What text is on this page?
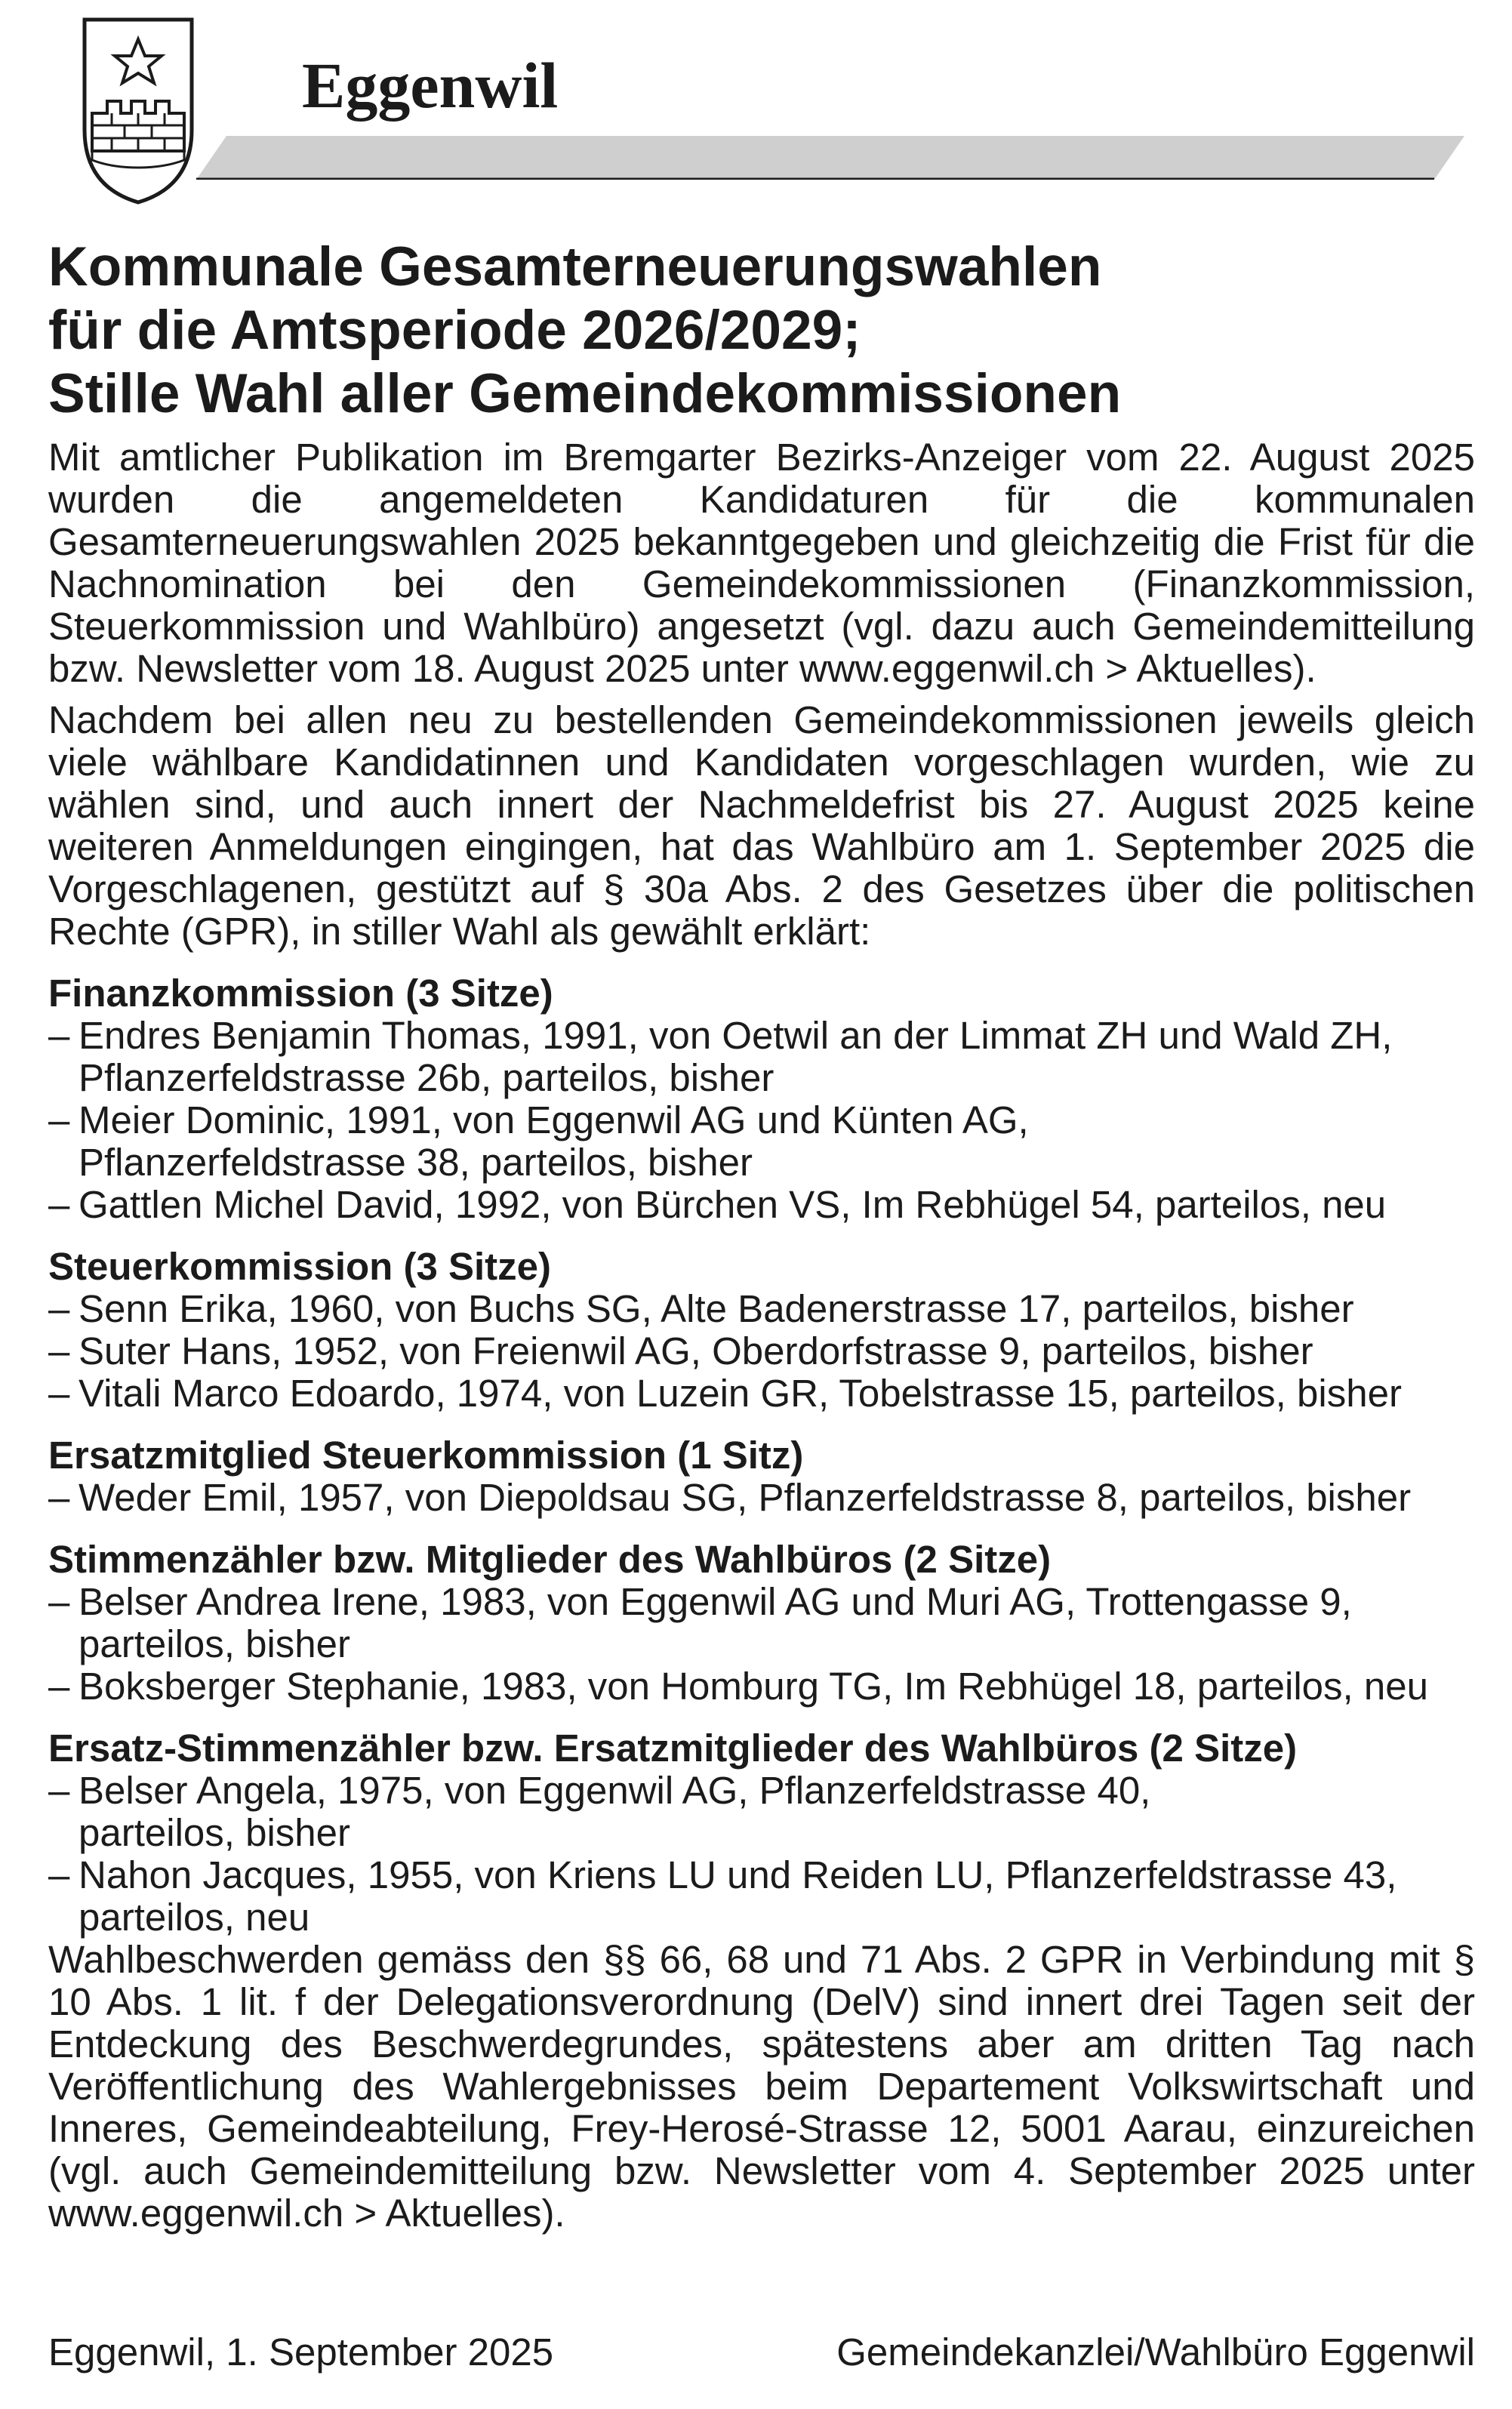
Eggenwil
Kommunale Gesamterneuerungswahlen
für die Amtsperiode 2026/2029;
Stille Wahl aller Gemeindekommissionen

Mit amtlicher Publikation im Bremgarter Bezirks-Anzeiger vom 22. August 2025 wurden die angemeldeten Kandidaturen für die kommunalen Gesamterneuerungswahlen 2025 bekanntgegeben und gleichzeitig die Frist für die Nachnomination bei den Gemeindekommissionen (Finanzkommission, Steuerkommission und Wahlbüro) angesetzt (vgl. dazu auch Gemeindemitteilung bzw. Newsletter vom 18. August 2025 unter www.eggenwil.ch > Aktuelles).

Nachdem bei allen neu zu bestellenden Gemeindekommissionen jeweils gleich viele wählbare Kandidatinnen und Kandidaten vorgeschlagen wurden, wie zu wählen sind, und auch innert der Nachmeldefrist bis 27. August 2025 keine weiteren Anmeldungen eingingen, hat das Wahlbüro am 1. September 2025 die Vorgeschlagenen, gestützt auf § 30a Abs. 2 des Gesetzes über die politischen Rechte (GPR), in stiller Wahl als gewählt erklärt:

Finanzkommission (3 Sitze)
– Endres Benjamin Thomas, 1991, von Oetwil an der Limmat ZH und Wald ZH,
Pflanzerfeldstrasse 26b, parteilos, bisher
– Meier Dominic, 1991, von Eggenwil AG und Künten AG,
Pflanzerfeldstrasse 38, parteilos, bisher
– Gattlen Michel David, 1992, von Bürchen VS, Im Rebhügel 54, parteilos, neu
Steuerkommission (3 Sitze)
– Senn Erika, 1960, von Buchs SG, Alte Badenerstrasse 17, parteilos, bisher
– Suter Hans, 1952, von Freienwil AG, Oberdorfstrasse 9, parteilos, bisher
– Vitali Marco Edoardo, 1974, von Luzein GR, Tobelstrasse 15, parteilos, bisher
Ersatzmitglied Steuerkommission (1 Sitz)
– Weder Emil, 1957, von Diepoldsau SG, Pflanzerfeldstrasse 8, parteilos, bisher
Stimmenzähler bzw. Mitglieder des Wahlbüros (2 Sitze)
– Belser Andrea Irene, 1983, von Eggenwil AG und Muri AG, Trottengasse 9,
parteilos, bisher
– Boksberger Stephanie, 1983, von Homburg TG, Im Rebhügel 18, parteilos, neu
Ersatz-Stimmenzähler bzw. Ersatzmitglieder des Wahlbüros (2 Sitze)
– Belser Angela, 1975, von Eggenwil AG, Pflanzerfeldstrasse 40,
parteilos, bisher
– Nahon Jacques, 1955, von Kriens LU und Reiden LU, Pflanzerfeldstrasse 43,
parteilos, neu

Wahlbeschwerden gemäss den §§ 66, 68 und 71 Abs. 2 GPR in Verbindung mit § 10 Abs. 1 lit. f der Delegationsverordnung (DelV) sind innert drei Tagen seit der Entdeckung des Beschwerdegrundes, spätestens aber am dritten Tag nach Veröffentlichung des Wahlergebnisses beim Departement Volkswirtschaft und Inneres, Gemeindeabteilung, Frey-Herosé-Strasse 12, 5001 Aarau, einzureichen (vgl. auch Gemeindemitteilung bzw. Newsletter vom 4. September 2025 unter www.eggenwil.ch > Aktuelles).

Eggenwil, 1. September 2025	Gemeindekanzlei/Wahlbüro Eggenwil
